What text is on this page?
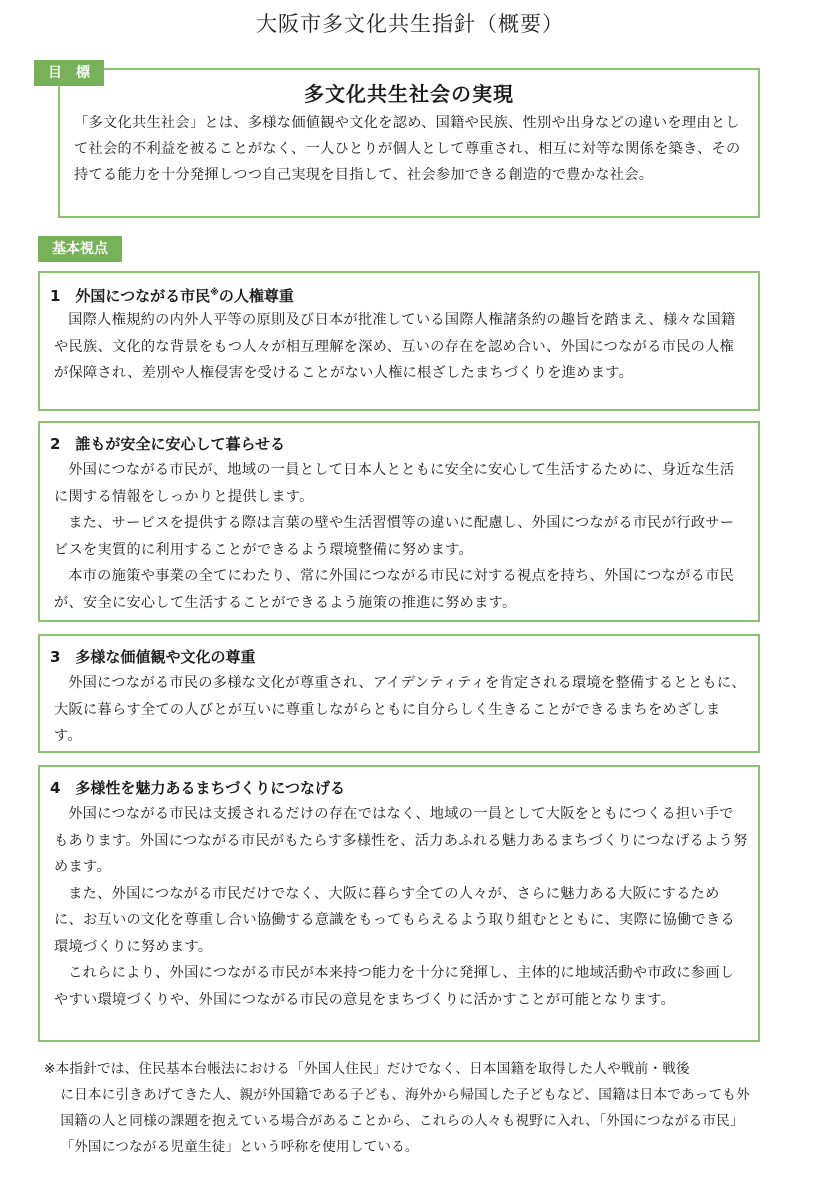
大阪市多文化共生指針（概要）
多文化共生社会の実現
「多文化共生社会」とは、多様な価値観や文化を認め、国籍や民族、性別や出身などの違いを理由として社会的不利益を被ることがなく、一人ひとりが個人として尊重され、相互に対等な関係を築き、その持てる能力を十分発揮しつつ自己実現を目指して、社会参加できる創造的で豊かな社会。
目　標
基本視点
1　外国につながる市民※の人権尊重

国際人権規約の内外人平等の原則及び日本が批准している国際人権諸条約の趣旨を踏まえ、様々な国籍や民族、文化的な背景をもつ人々が相互理解を深め、互いの存在を認め合い、外国につながる市民の人権が保障され、差別や人権侵害を受けることがない人権に根ざしたまちづくりを進めます。

2　誰もが安全に安心して暮らせる

外国につながる市民が、地域の一員として日本人とともに安全に安心して生活するために、身近な生活に関する情報をしっかりと提供します。

また、サービスを提供する際は言葉の壁や生活習慣等の違いに配慮し、外国につながる市民が行政サービスを実質的に利用することができるよう環境整備に努めます。

本市の施策や事業の全てにわたり、常に外国につながる市民に対する視点を持ち、外国につながる市民が、安全に安心して生活することができるよう施策の推進に努めます。

3　多様な価値観や文化の尊重

外国につながる市民の多様な文化が尊重され、アイデンティティを肯定される環境を整備するとともに、大阪に暮らす全ての人びとが互いに尊重しながらともに自分らしく生きることができるまちをめざします。

4　多様性を魅力あるまちづくりにつなげる

外国につながる市民は支援されるだけの存在ではなく、地域の一員として大阪をともにつくる担い手でもあります。外国につながる市民がもたらす多様性を、活力あふれる魅力あるまちづくりにつなげるよう努めます。

また、外国につながる市民だけでなく、大阪に暮らす全ての人々が、さらに魅力ある大阪にするために、お互いの文化を尊重し合い協働する意識をもってもらえるよう取り組むとともに、実際に協働できる環境づくりに努めます。

これらにより、外国につながる市民が本来持つ能力を十分に発揮し、主体的に地域活動や市政に参画しやすい環境づくりや、外国につながる市民の意見をまちづくりに活かすことが可能となります。

※本指針では、住民基本台帳法における「外国人住民」だけでなく、日本国籍を取得した人や戦前・戦後
に日本に引きあげてきた人、親が外国籍である子ども、海外から帰国した子どもなど、国籍は日本であっても外国籍の人と同様の課題を抱えている場合があることから、これらの人々も視野に入れ、「外国につながる市民」「外国につながる児童生徒」という呼称を使用している。
